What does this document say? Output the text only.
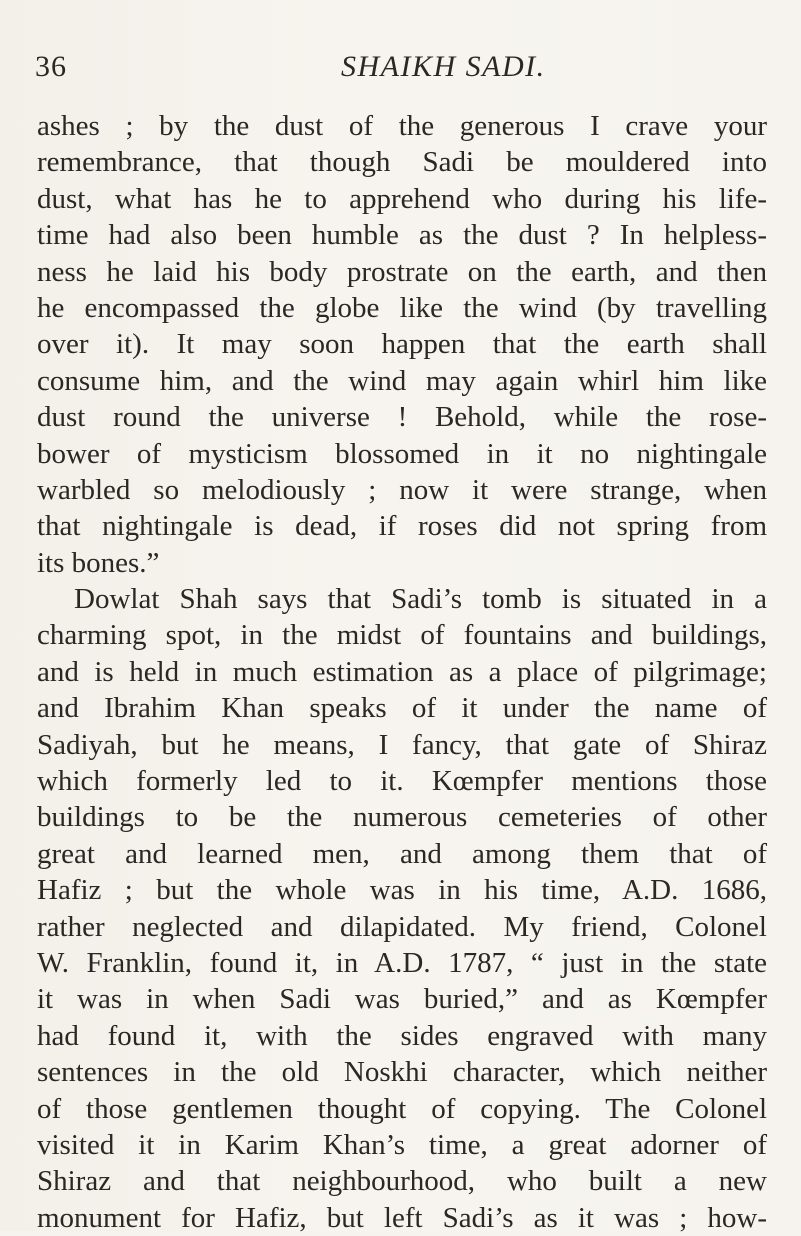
36	SHAIKH SADI.
ashes ; by the dust of the generous I crave your
remembrance, that though Sadi be mouldered into
dust, what has he to apprehend who during his life-
time had also been humble as the dust ? In helpless-
ness he laid his body prostrate on the earth, and then
he encompassed the globe like the wind (by travelling
over it). It may soon happen that the earth shall
consume him, and the wind may again whirl him like
dust round the universe ! Behold, while the rose-
bower of mysticism blossomed in it no nightingale
warbled so melodiously ; now it were strange, when
that nightingale is dead, if roses did not spring from
its bones.”
Dowlat Shah says that Sadi’s tomb is situated in a
charming spot, in the midst of fountains and buildings,
and is held in much estimation as a place of pilgrimage;
and Ibrahim Khan speaks of it under the name of
Sadiyah, but he means, I fancy, that gate of Shiraz
which formerly led to it. Kœmpfer mentions those
buildings to be the numerous cemeteries of other
great and learned men, and among them that of
Hafiz ; but the whole was in his time, A.D. 1686,
rather neglected and dilapidated. My friend, Colonel
W. Franklin, found it, in A.D. 1787, “ just in the state
it was in when Sadi was buried,” and as Kœmpfer
had found it, with the sides engraved with many
sentences in the old Noskhi character, which neither
of those gentlemen thought of copying. The Colonel
visited it in Karim Khan’s time, a great adorner of
Shiraz and that neighbourhood, who built a new
monument for Hafiz, but left Sadi’s as it was ; how-
